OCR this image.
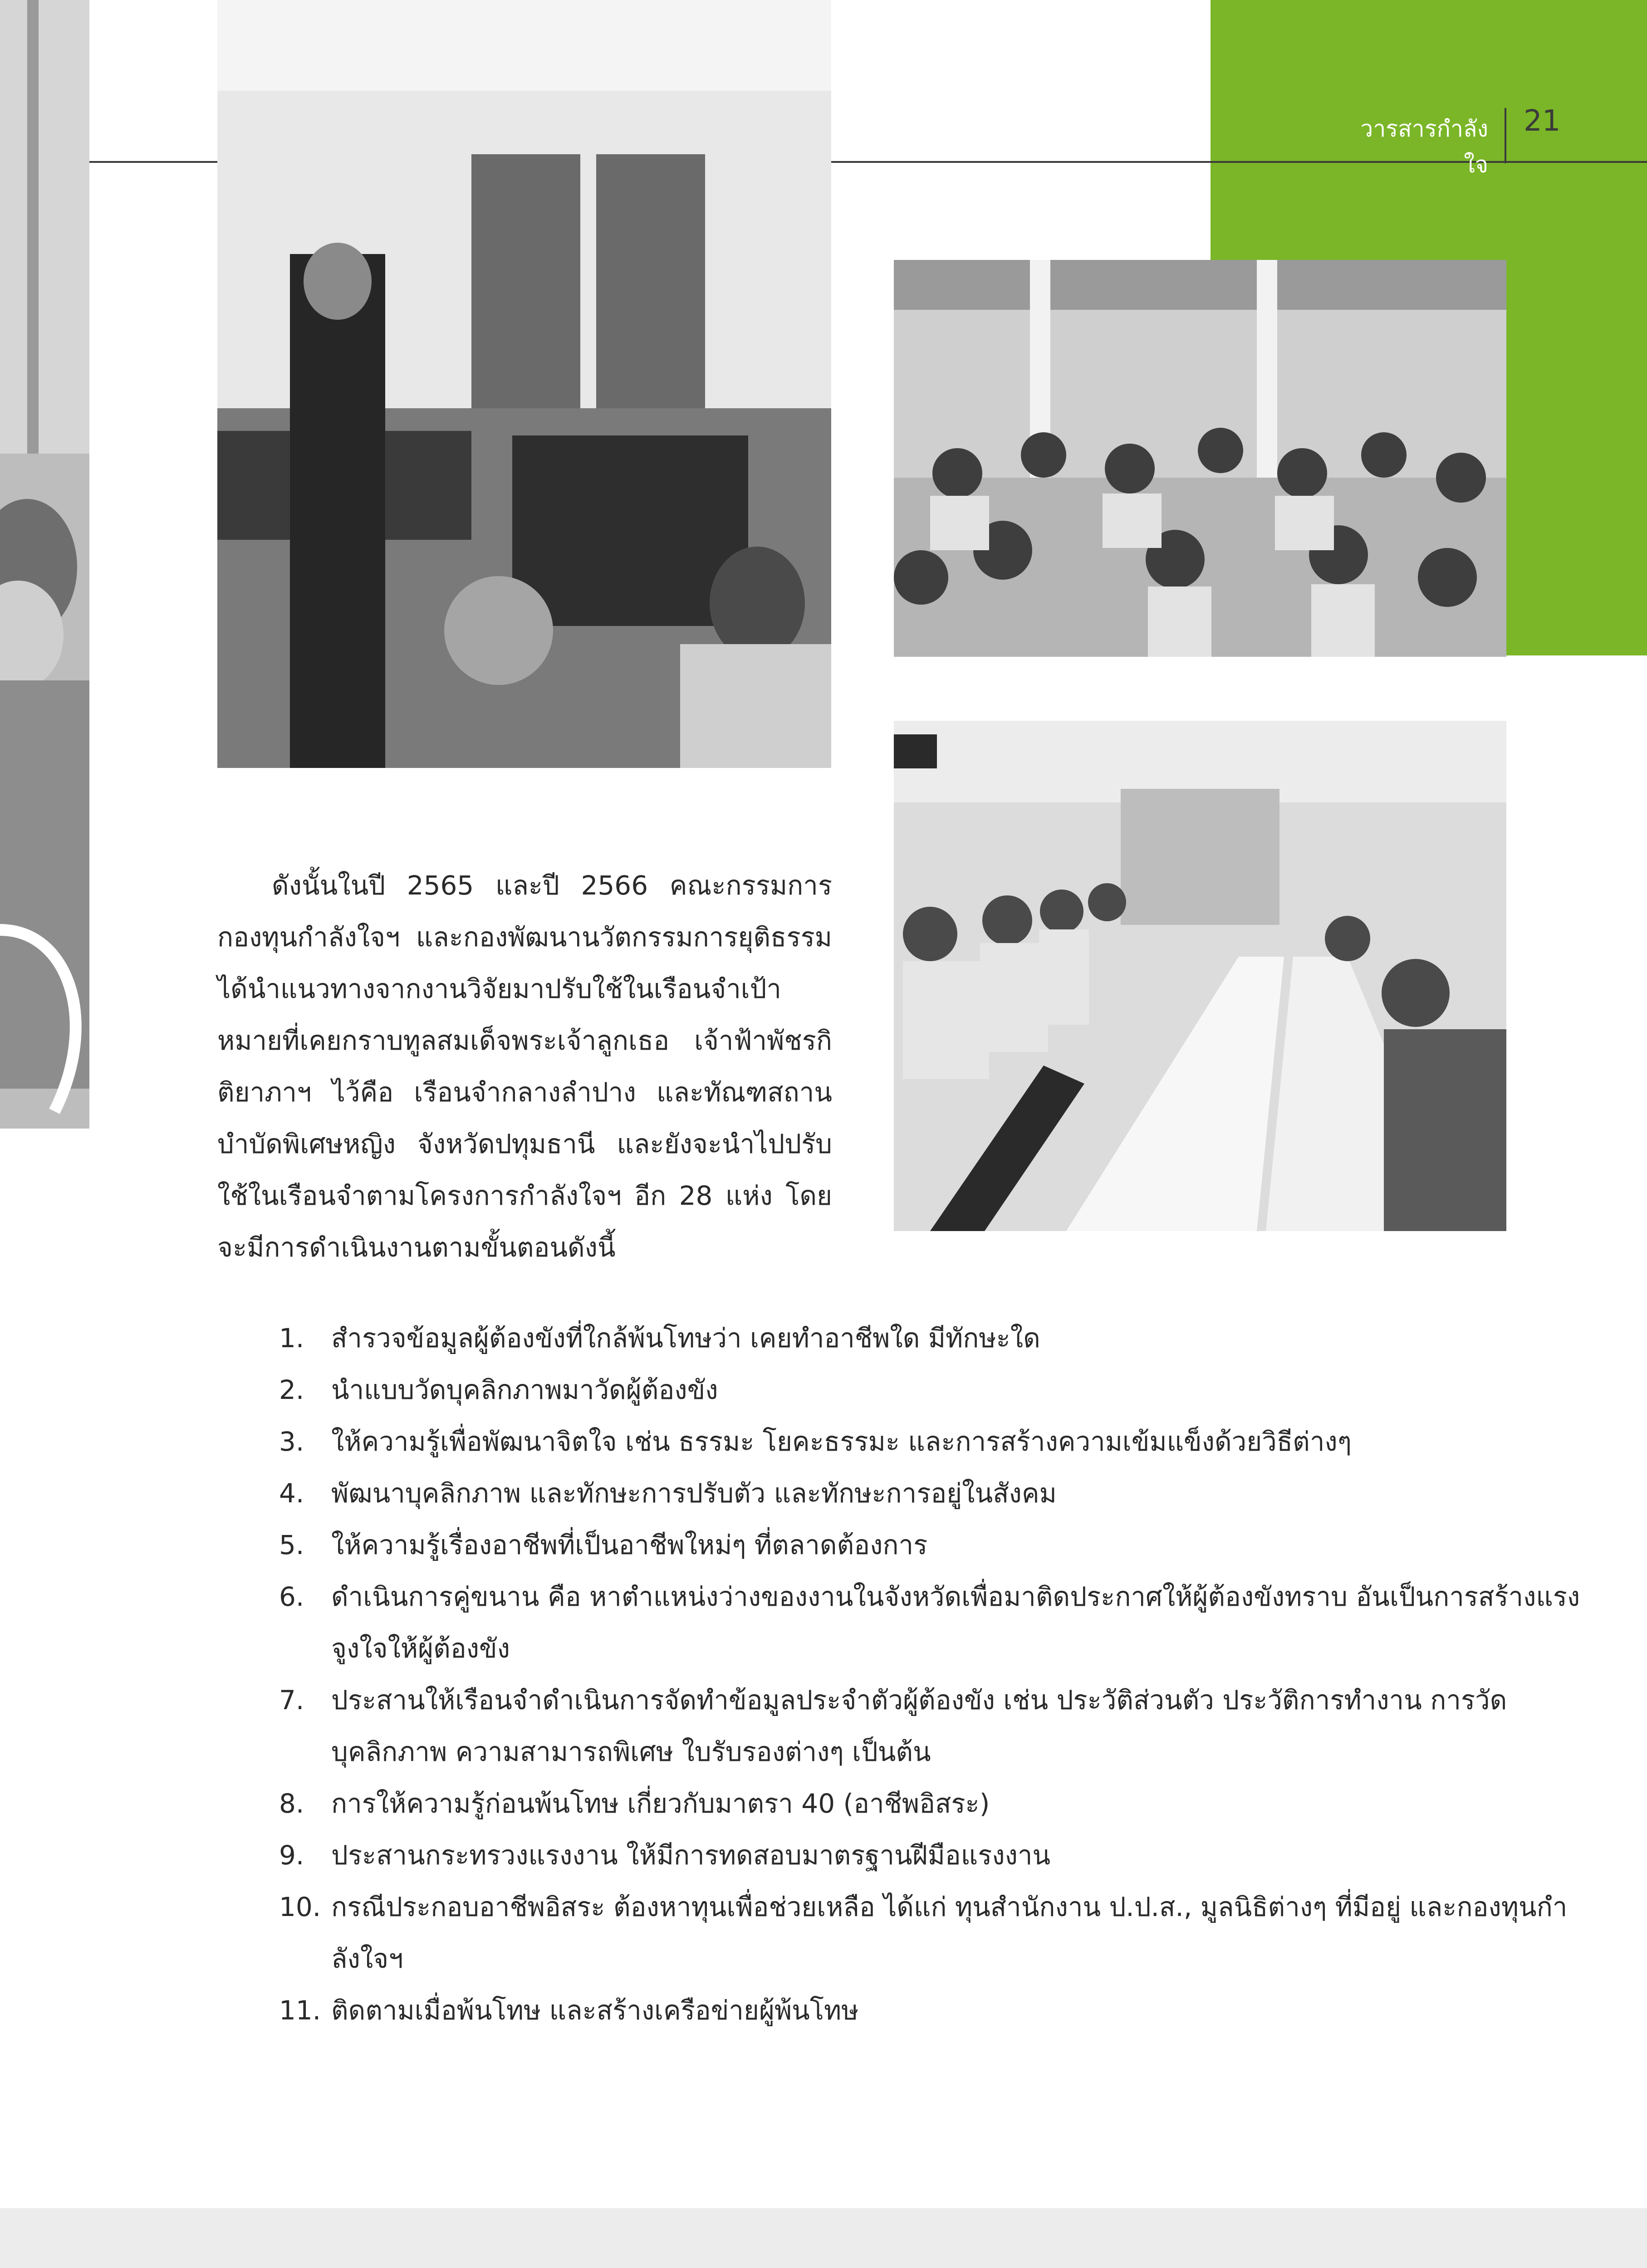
วารสารกำลังใจ
21

ดังนั้นในปี 2565 และปี 2566 คณะกรรมการกองทุนกำลังใจฯ และกองพัฒนานวัตกรรมการยุติธรรม ได้นำแนวทางจากงานวิจัยมาปรับใช้ในเรือนจำเป้าหมายที่เคยกราบทูลสมเด็จพระเจ้าลูกเธอ เจ้าฟ้าพัชรกิติยาภาฯ ไว้คือ เรือนจำกลางลำปาง และทัณฑสถานบำบัดพิเศษหญิง จังหวัดปทุมธานี และยังจะนำไปปรับใช้ในเรือนจำตามโครงการกำลังใจฯ อีก 28 แห่ง โดยจะมีการดำเนินงานตามขั้นตอนดังนี้

1.	สำรวจข้อมูลผู้ต้องขังที่ใกล้พ้นโทษว่า เคยทำอาชีพใด มีทักษะใด
2.	นำแบบวัดบุคลิกภาพมาวัดผู้ต้องขัง
3.	ให้ความรู้เพื่อพัฒนาจิตใจ เช่น ธรรมะ โยคะธรรมะ และการสร้างความเข้มแข็งด้วยวิธีต่างๆ
4.	พัฒนาบุคลิกภาพ และทักษะการปรับตัว และทักษะการอยู่ในสังคม
5.	ให้ความรู้เรื่องอาชีพที่เป็นอาชีพใหม่ๆ ที่ตลาดต้องการ
6.	ดำเนินการคู่ขนาน คือ หาตำแหน่งว่างของงานในจังหวัดเพื่อมาติดประกาศให้ผู้ต้องขังทราบ อันเป็นการสร้างแรงจูงใจให้ผู้ต้องขัง
7.	ประสานให้เรือนจำดำเนินการจัดทำข้อมูลประจำตัวผู้ต้องขัง เช่น ประวัติส่วนตัว ประวัติการทำงาน การวัดบุคลิกภาพ ความสามารถพิเศษ ใบรับรองต่างๆ เป็นต้น
8.	การให้ความรู้ก่อนพ้นโทษ เกี่ยวกับมาตรา 40 (อาชีพอิสระ)
9.	ประสานกระทรวงแรงงาน ให้มีการทดสอบมาตรฐานฝีมือแรงงาน
10. กรณีประกอบอาชีพอิสระ ต้องหาทุนเพื่อช่วยเหลือ ได้แก่ ทุนสำนักงาน ป.ป.ส., มูลนิธิต่างๆ ที่มีอยู่ และกองทุนกำลังใจฯ
11. ติดตามเมื่อพ้นโทษ และสร้างเครือข่ายผู้พ้นโทษ
